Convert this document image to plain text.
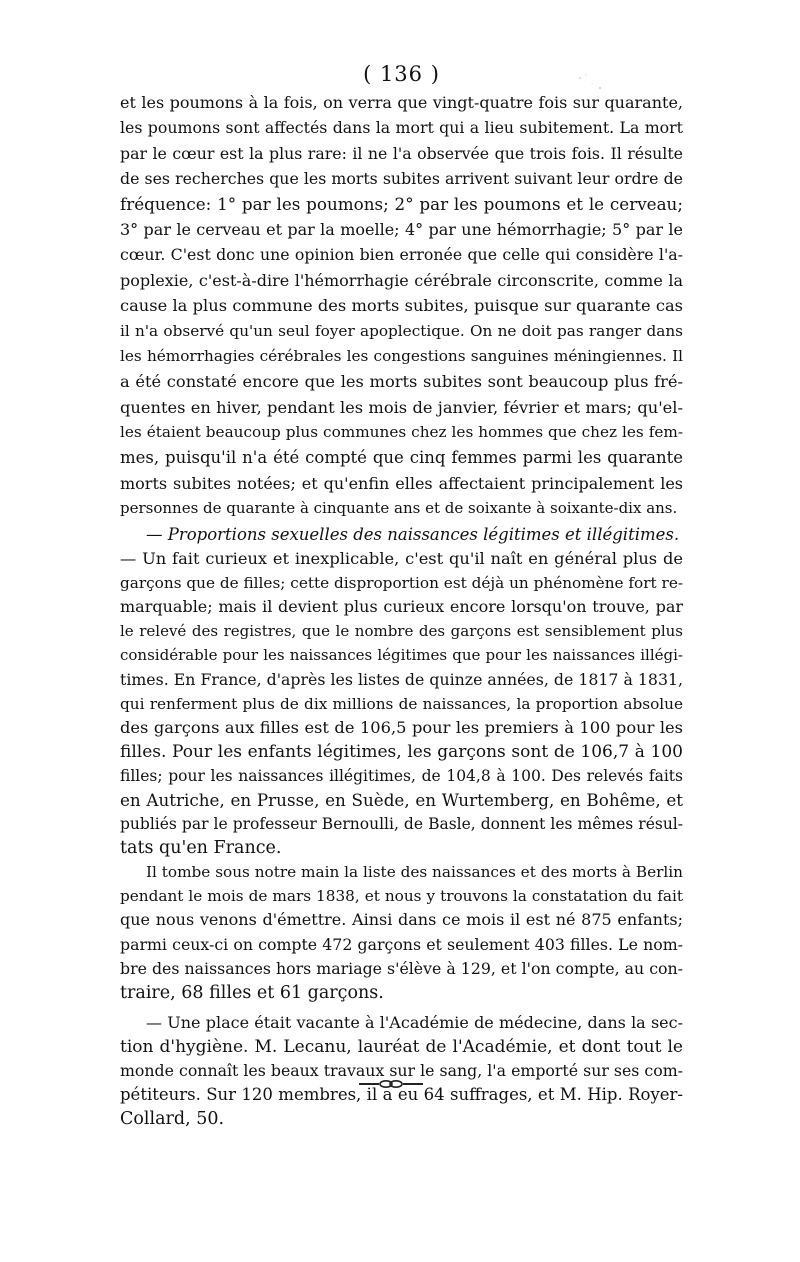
( 136 )
et les poumons à la fois, on verra que vingt-quatre fois sur quarante,
les poumons sont affectés dans la mort qui a lieu subitement. La mort
par le cœur est la plus rare: il ne l'a observée que trois fois. Il résulte
de ses recherches que les morts subites arrivent suivant leur ordre de
fréquence: 1° par les poumons; 2° par les poumons et le cerveau;
3° par le cerveau et par la moelle; 4° par une hémorrhagie; 5° par le
cœur. C'est donc une opinion bien erronée que celle qui considère l'a-
poplexie, c'est-à-dire l'hémorrhagie cérébrale circonscrite, comme la
cause la plus commune des morts subites, puisque sur quarante cas
il n'a observé qu'un seul foyer apoplectique. On ne doit pas ranger dans
les hémorrhagies cérébrales les congestions sanguines méningiennes. Il
a été constaté encore que les morts subites sont beaucoup plus fré-
quentes en hiver, pendant les mois de janvier, février et mars; qu'el-
les étaient beaucoup plus communes chez les hommes que chez les fem-
mes, puisqu'il n'a été compté que cinq femmes parmi les quarante
morts subites notées; et qu'enfin elles affectaient principalement les
personnes de quarante à cinquante ans et de soixante à soixante-dix ans.
— Proportions sexuelles des naissances légitimes et illégitimes.
— Un fait curieux et inexplicable, c'est qu'il naît en général plus de
garçons que de filles; cette disproportion est déjà un phénomène fort re-
marquable; mais il devient plus curieux encore lorsqu'on trouve, par
le relevé des registres, que le nombre des garçons est sensiblement plus
considérable pour les naissances légitimes que pour les naissances illégi-
times. En France, d'après les listes de quinze années, de 1817 à 1831,
qui renferment plus de dix millions de naissances, la proportion absolue
des garçons aux filles est de 106,5 pour les premiers à 100 pour les
filles. Pour les enfants légitimes, les garçons sont de 106,7 à 100
filles; pour les naissances illégitimes, de 104,8 à 100. Des relevés faits
en Autriche, en Prusse, en Suède, en Wurtemberg, en Bohême, et
publiés par le professeur Bernoulli, de Basle, donnent les mêmes résul-
tats qu'en France.
Il tombe sous notre main la liste des naissances et des morts à Berlin
pendant le mois de mars 1838, et nous y trouvons la constatation du fait
que nous venons d'émettre. Ainsi dans ce mois il est né 875 enfants;
parmi ceux-ci on compte 472 garçons et seulement 403 filles. Le nom-
bre des naissances hors mariage s'élève à 129, et l'on compte, au con-
traire, 68 filles et 61 garçons.
— Une place était vacante à l'Académie de médecine, dans la sec-
tion d'hygiène. M. Lecanu, lauréat de l'Académie, et dont tout le
monde connaît les beaux travaux sur le sang, l'a emporté sur ses com-
pétiteurs. Sur 120 membres, il a eu 64 suffrages, et M. Hip. Royer-
Collard, 50.
